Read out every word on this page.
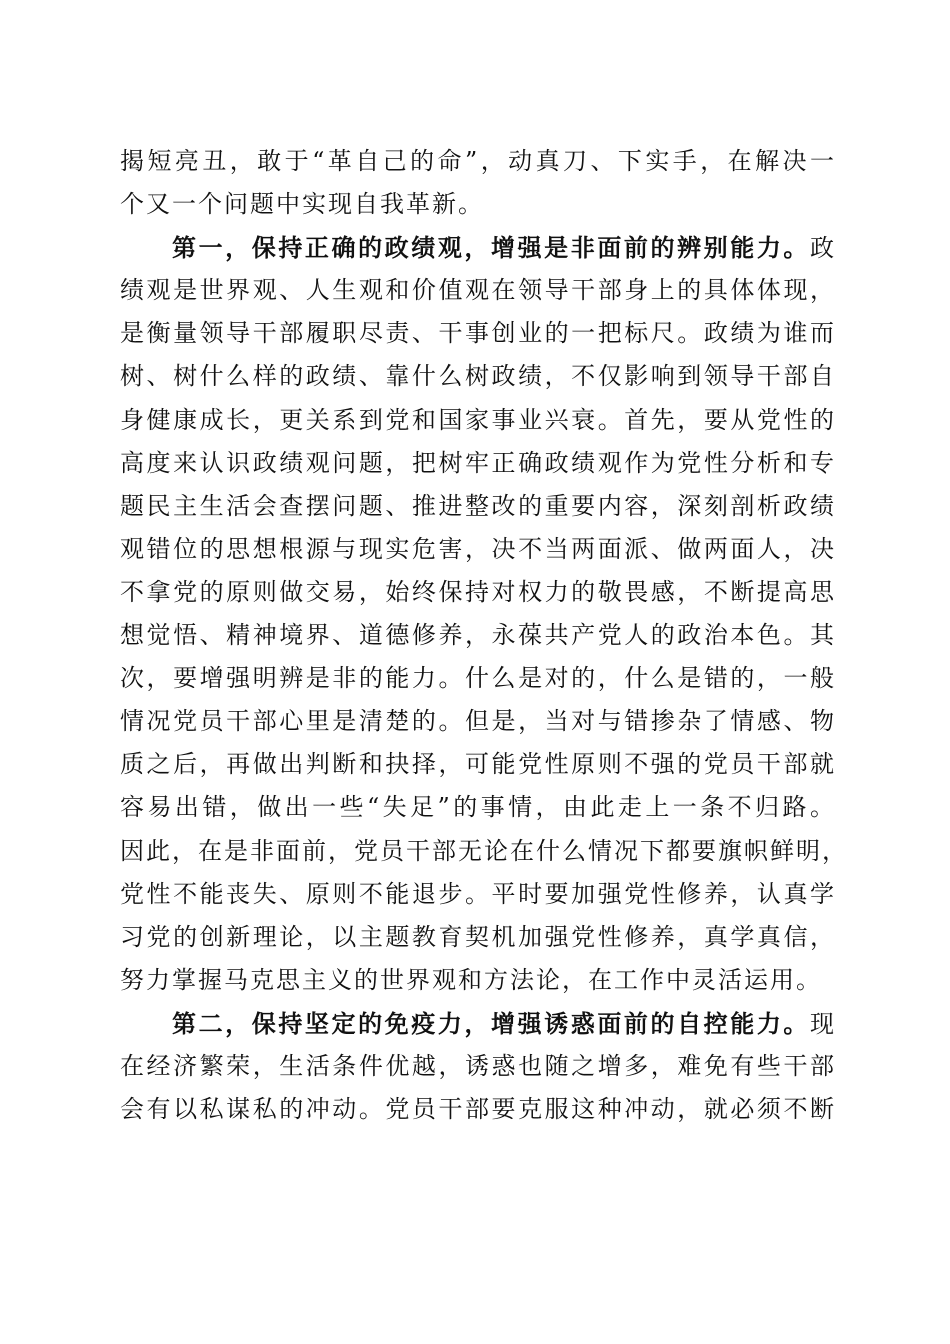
揭短亮丑，敢于“革自己的命”，动真刀、下实手，在解决一
个又一个问题中实现自我革新。
第一，保持正确的政绩观，增强是非面前的辨别能力。政
绩观是世界观、人生观和价值观在领导干部身上的具体体现，
是衡量领导干部履职尽责、干事创业的一把标尺。政绩为谁而
树、树什么样的政绩、靠什么树政绩，不仅影响到领导干部自
身健康成长，更关系到党和国家事业兴衰。首先，要从党性的
高度来认识政绩观问题，把树牢正确政绩观作为党性分析和专
题民主生活会查摆问题、推进整改的重要内容，深刻剖析政绩
观错位的思想根源与现实危害，决不当两面派、做两面人，决
不拿党的原则做交易，始终保持对权力的敬畏感，不断提高思
想觉悟、精神境界、道德修养，永葆共产党人的政治本色。其
次，要增强明辨是非的能力。什么是对的，什么是错的，一般
情况党员干部心里是清楚的。但是，当对与错掺杂了情感、物
质之后，再做出判断和抉择，可能党性原则不强的党员干部就
容易出错，做出一些“失足”的事情，由此走上一条不归路。
因此，在是非面前，党员干部无论在什么情况下都要旗帜鲜明，
党性不能丧失、原则不能退步。平时要加强党性修养，认真学
习党的创新理论，以主题教育契机加强党性修养，真学真信，
努力掌握马克思主义的世界观和方法论，在工作中灵活运用。
第二，保持坚定的免疫力，增强诱惑面前的自控能力。现
在经济繁荣，生活条件优越，诱惑也随之增多，难免有些干部
会有以私谋私的冲动。党员干部要克服这种冲动，就必须不断
